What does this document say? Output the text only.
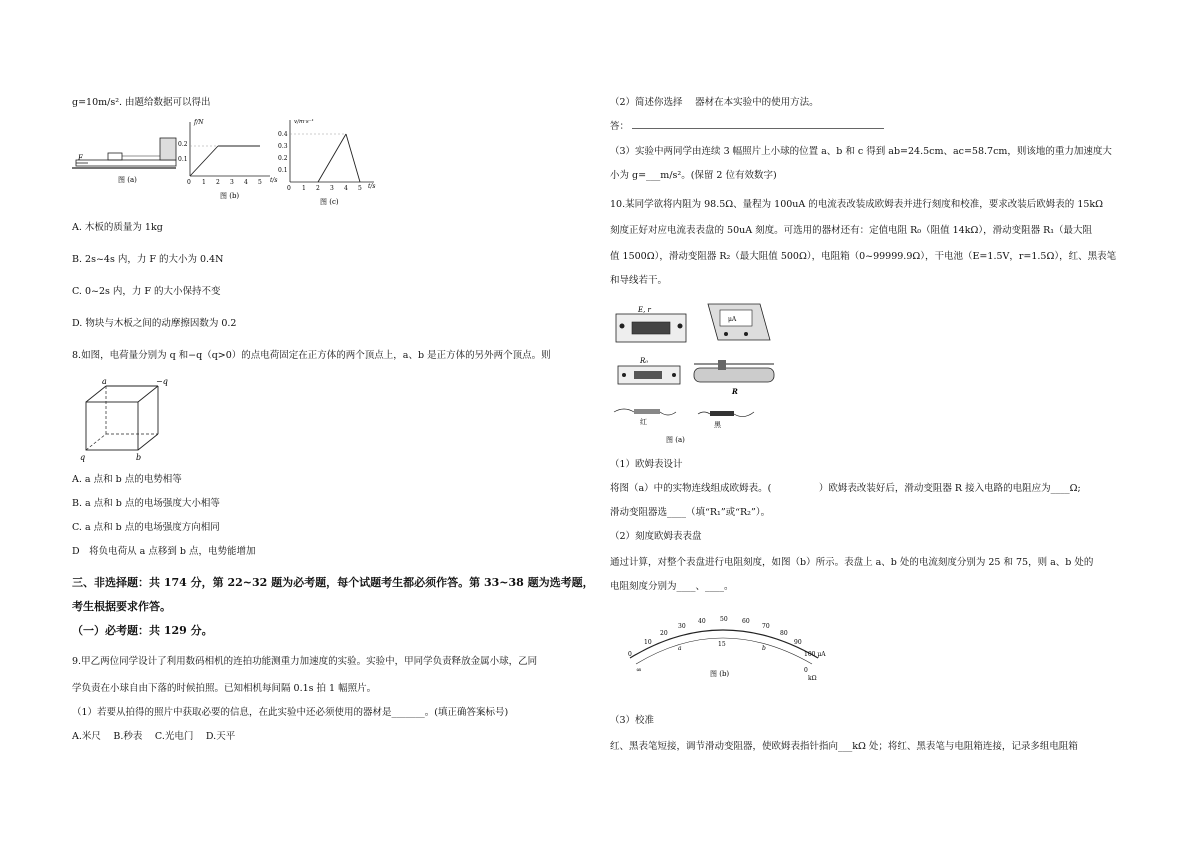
g=10m/s². 由题给数据可以得出
F
图 (a)
f/N
0.2
0.1
0 1 2 3 4 5 t/s
图 (b)
v/m·s⁻¹
0.4
0.3
0.2
0.1
0 1 2 3 4 5 t/s
图 (c)
A. 木板的质量为 1kg
B. 2s~4s 内，力 F 的大小为 0.4N
C. 0~2s 内，力 F 的大小保持不变
D. 物块与木板之间的动摩擦因数为 0.2
8.如图，电荷量分别为 q 和−q（q>0）的点电荷固定在正方体的两个顶点上，a、b 是正方体的另外两个顶点。则
a	−q
q	b
A. a 点和 b 点的电势相等
B. a 点和 b 点的电场强度大小相等
C. a 点和 b 点的电场强度方向相同
D　将负电荷从 a 点移到 b 点，电势能增加
三、非选择题：共 174 分，第 22~32 题为必考题，每个试题考生都必须作答。第 33~38 题为选考题，
考生根据要求作答。
（一）必考题：共 129 分。
9.甲乙两位同学设计了利用数码相机的连拍功能测重力加速度的实验。实验中，甲同学负责释放金属小球，乙同
学负责在小球自由下落的时候拍照。已知相机每间隔 0.1s 拍 1 幅照片。
（1）若要从拍得的照片中获取必要的信息，在此实验中还必须使用的器材是_______。(填正确答案标号)
A.米尺　 B.秒表　 C.光电门　 D.天平
（2）简述你选择　 器材在本实验中的使用方法。
答：
（3）实验中两同学由连续 3 幅照片上小球的位置 a、b 和 c 得到 ab=24.5cm、ac=58.7cm，则该地的重力加速度大
小为 g=___m/s²。(保留 2 位有效数字)
10.某同学欲将内阻为 98.5Ω、量程为 100uA 的电流表改装成欧姆表并进行刻度和校准，要求改装后欧姆表的 15kΩ
刻度正好对应电流表表盘的 50uA 刻度。可选用的器材还有：定值电阻 R₀（阻值 14kΩ），滑动变阻器 R₁（最大阻
值 1500Ω），滑动变阻器 R₂（最大阻值 500Ω），电阻箱（0~99999.9Ω），干电池（E=1.5V，r=1.5Ω），红、黑表笔
和导线若干。
E, r
μA
R₀
R
红	黑
图 (a)
（1）欧姆表设计
将图（a）中的实物连线组成欧姆表。(　　　　　）欧姆表改装好后，滑动变阻器 R 接入电路的电阻应为____Ω;
滑动变阻器选____（填“R₁”或“R₂”）。
（2）刻度欧姆表表盘
通过计算，对整个表盘进行电阻刻度，如图（b）所示。表盘上 a、b 处的电流刻度分别为 25 和 75，则 a、b 处的
电阻刻度分别为____、____。
0
10
20
30
40 50 60
70
80
90
100 μA
a
15
b
∞	0
kΩ
图 (b)
（3）校准
红、黑表笔短接，调节滑动变阻器，使欧姆表指针指向___kΩ 处；将红、黑表笔与电阻箱连接，记录多组电阻箱
